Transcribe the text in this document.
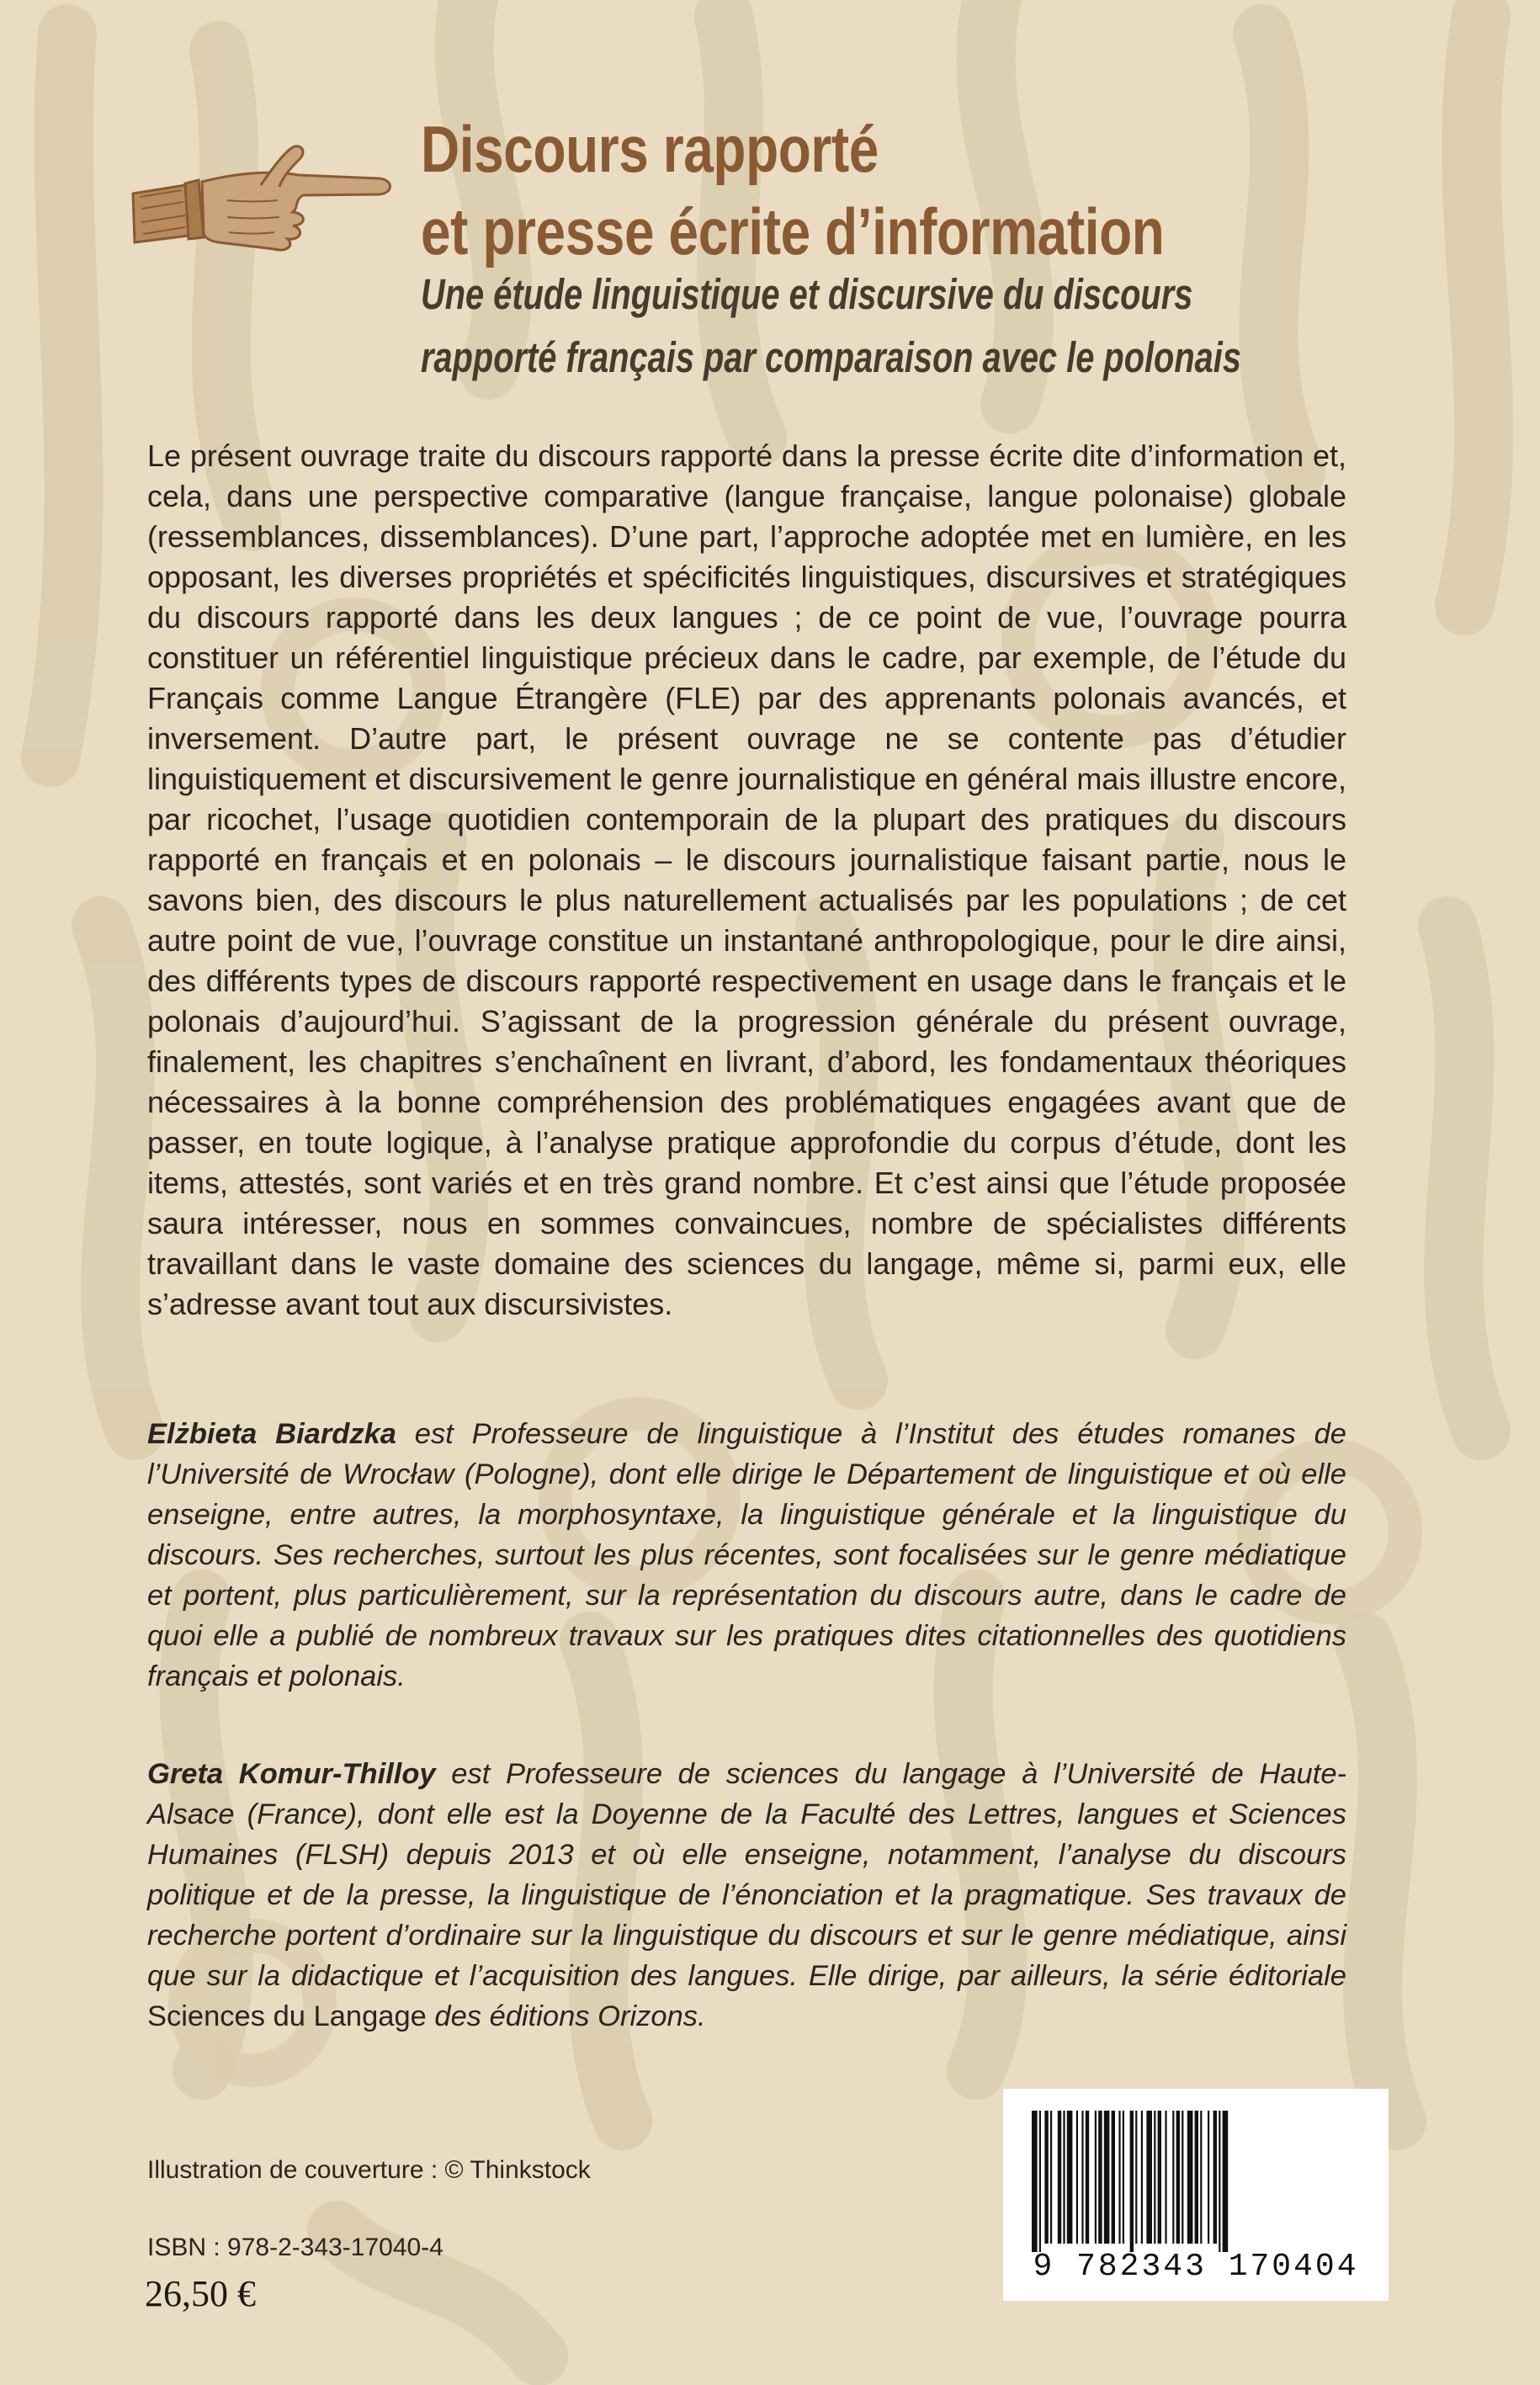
Discours rapporté
et presse écrite d’information
Une étude linguistique et discursive du discours
rapporté français par comparaison avec le polonais

Le présent ouvrage traite du discours rapporté dans la presse écrite dite d’information et, cela, dans une perspective comparative (langue française, langue polonaise) globale (ressemblances, dissemblances). D’une part, l’approche adoptée met en lumière, en les opposant, les diverses propriétés et spécificités linguistiques, discursives et stratégiques du discours rapporté dans les deux langues ; de ce point de vue, l’ouvrage pourra constituer un référentiel linguistique précieux dans le cadre, par exemple, de l’étude du Français comme Langue Étrangère (FLE) par des apprenants polonais avancés, et inversement. D’autre part, le présent ouvrage ne se contente pas d’étudier linguistiquement et discursivement le genre journalistique en général mais illustre encore, par ricochet, l’usage quotidien contemporain de la plupart des pratiques du discours rapporté en français et en polonais – le discours journalistique faisant partie, nous le savons bien, des discours le plus naturellement actualisés par les populations ; de cet autre point de vue, l’ouvrage constitue un instantané anthropologique, pour le dire ainsi, des différents types de discours rapporté respectivement en usage dans le français et le polonais d’aujourd’hui. S’agissant de la progression générale du présent ouvrage, finalement, les chapitres s’enchaînent en livrant, d’abord, les fondamentaux théoriques nécessaires à la bonne compréhension des problématiques engagées avant que de passer, en toute logique, à l’analyse pratique approfondie du corpus d’étude, dont les items, attestés, sont variés et en très grand nombre. Et c’est ainsi que l’étude proposée saura intéresser, nous en sommes convaincues, nombre de spécialistes différents travaillant dans le vaste domaine des sciences du langage, même si, parmi eux, elle s’adresse avant tout aux discursivistes.

Elżbieta Biardzka est Professeure de linguistique à l’Institut des études romanes de l’Université de Wrocław (Pologne), dont elle dirige le Département de linguistique et où elle enseigne, entre autres, la morphosyntaxe, la linguistique générale et la linguistique du discours. Ses recherches, surtout les plus récentes, sont focalisées sur le genre médiatique et portent, plus particulièrement, sur la représentation du discours autre, dans le cadre de quoi elle a publié de nombreux travaux sur les pratiques dites citationnelles des quotidiens français et polonais.

Greta Komur-Thilloy est Professeure de sciences du langage à l’Université de Haute-Alsace (France), dont elle est la Doyenne de la Faculté des Lettres, langues et Sciences Humaines (FLSH) depuis 2013 et où elle enseigne, notamment, l’analyse du discours politique et de la presse, la linguistique de l’énonciation et la pragmatique. Ses travaux de recherche portent d’ordinaire sur la linguistique du discours et sur le genre médiatique, ainsi que sur la didactique et l’acquisition des langues. Elle dirige, par ailleurs, la série éditoriale Sciences du Langage des éditions Orizons.

Illustration de couverture : © Thinkstock

ISBN : 978-2-343-17040-4

26,50 €

9 782343 170404
